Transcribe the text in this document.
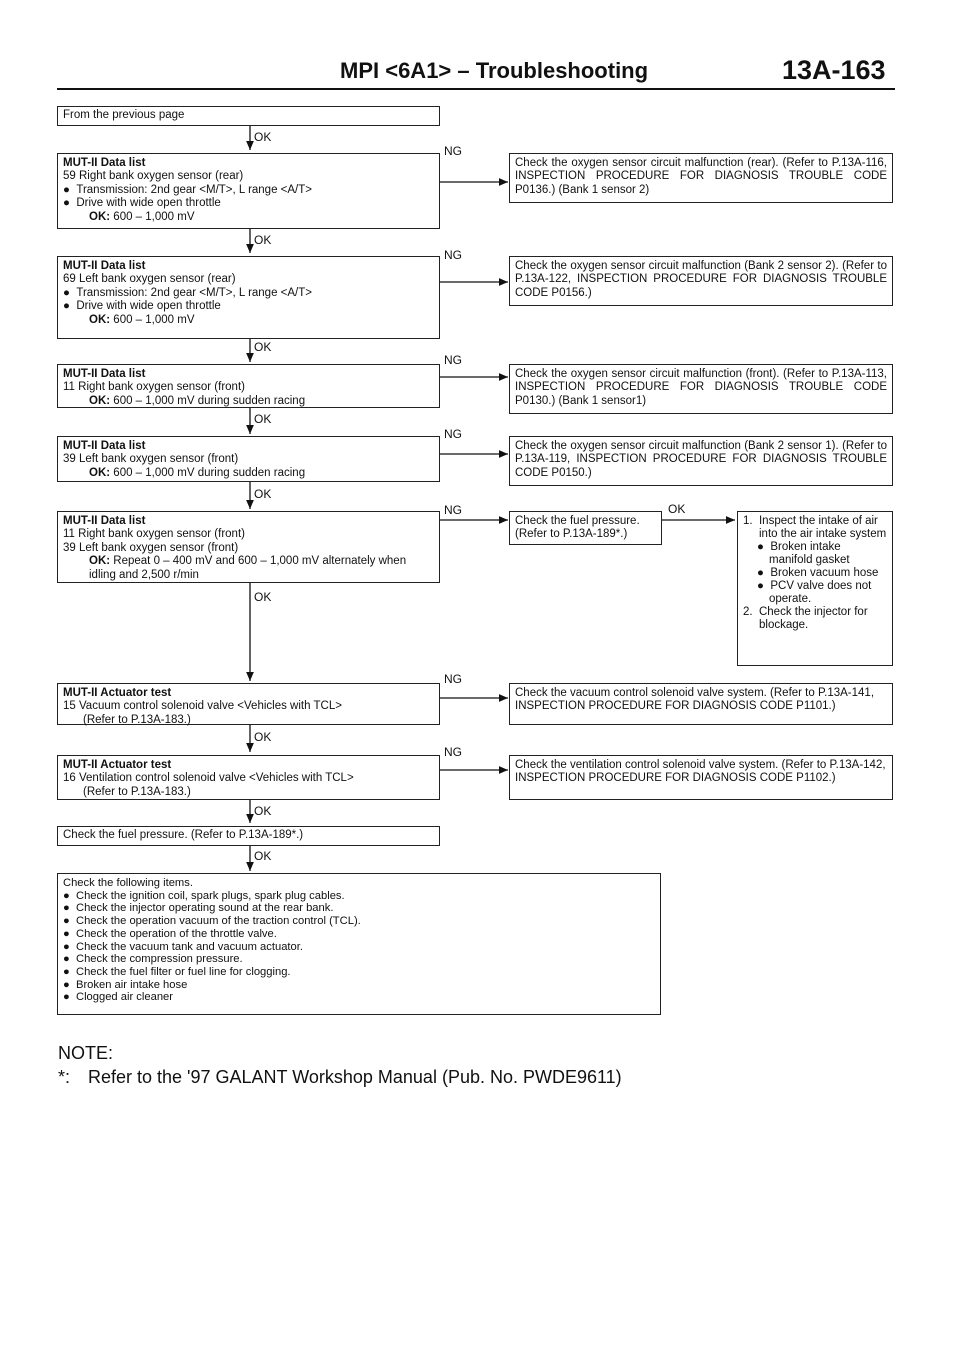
MPI <6A1> – Troubleshooting	13A-163
From the previous page
OK
OK
OK
OK
OK
OK
OK
OK
OK
OK
NG
NG
NG
NG
NG
NG
NG
MUT-II Data list
59 Right bank oxygen sensor (rear)
● Transmission: 2nd gear <M/T>, L range <A/T>
● Drive with wide open throttle
OK: 600 – 1,000 mV
Check the oxygen sensor circuit malfunction (rear). (Refer to P.13A-116, INSPECTION PROCEDURE FOR DIAGNOSIS TROUBLE CODE P0136.) (Bank 1 sensor 2)
MUT-II Data list
69 Left bank oxygen sensor (rear)
● Transmission: 2nd gear <M/T>, L range <A/T>
● Drive with wide open throttle
OK: 600 – 1,000 mV
Check the oxygen sensor circuit malfunction (Bank 2 sensor 2). (Refer to P.13A-122, INSPECTION PROCEDURE FOR DIAGNOSIS TROUBLE CODE P0156.)
MUT-II Data list
11 Right bank oxygen sensor (front)
OK: 600 – 1,000 mV during sudden racing
Check the oxygen sensor circuit malfunction (front). (Refer to P.13A-113, INSPECTION PROCEDURE FOR DIAGNOSIS TROUBLE CODE P0130.) (Bank 1 sensor1)
MUT-II Data list
39 Left bank oxygen sensor (front)
OK: 600 – 1,000 mV during sudden racing
Check the oxygen sensor circuit malfunction (Bank 2 sensor 1). (Refer to P.13A-119, INSPECTION PROCEDURE FOR DIAGNOSIS TROUBLE CODE P0150.)
MUT-II Data list
11 Right bank oxygen sensor (front)
39 Left bank oxygen sensor (front)
OK: Repeat 0 – 400 mV and 600 – 1,000 mV alternately when idling and 2,500 r/min
Check the fuel pressure. (Refer to P.13A-189*.)
1. Inspect the intake of air into the air intake system
● Broken intake manifold gasket
● Broken vacuum hose
● PCV valve does not operate.
2. Check the injector for blockage.
MUT-II Actuator test
15 Vacuum control solenoid valve <Vehicles with TCL>
(Refer to P.13A-183.)
Check the vacuum control solenoid valve system. (Refer to P.13A-141, INSPECTION PROCEDURE FOR DIAGNOSIS CODE P1101.)
MUT-II Actuator test
16 Ventilation control solenoid valve <Vehicles with TCL>
(Refer to P.13A-183.)
Check the ventilation control solenoid valve system. (Refer to P.13A-142, INSPECTION PROCEDURE FOR DIAGNOSIS CODE P1102.)
Check the fuel pressure. (Refer to P.13A-189*.)
Check the following items.
● Check the ignition coil, spark plugs, spark plug cables.
● Check the injector operating sound at the rear bank.
● Check the operation vacuum of the traction control (TCL).
● Check the operation of the throttle valve.
● Check the vacuum tank and vacuum actuator.
● Check the compression pressure.
● Check the fuel filter or fuel line for clogging.
● Broken air intake hose
● Clogged air cleaner
NOTE:
*: Refer to the '97 GALANT Workshop Manual (Pub. No. PWDE9611)
